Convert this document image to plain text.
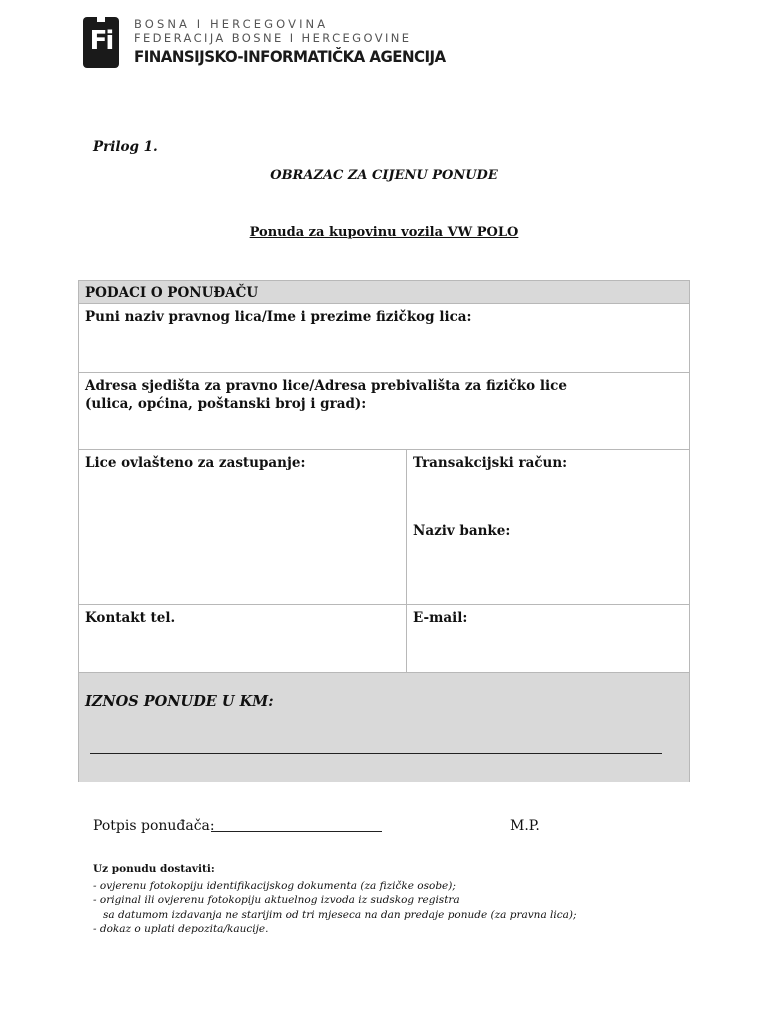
Fi
BOSNA I HERCEGOVINA
FEDERACIJA BOSNE I HERCEGOVINE
FINANSIJSKO-INFORMATIČKA AGENCIJA
Prilog 1.
OBRAZAC ZA CIJENU PONUDE
Ponuda za kupovinu vozila VW POLO
PODACI O PONUĐAČU
Puni naziv pravnog lica/Ime i prezime fizičkog lica:
Adresa sjedišta za pravno lice/Adresa prebivališta za fizičko lice
(ulica, općina, poštanski broj i grad):
Lice ovlašteno za zastupanje:	Transakcijski račun:
Naziv banke:
Kontakt tel.	E-mail:
IZNOS PONUDE U KM:
Potpis ponuđača:	M.P.
Uz ponudu dostaviti:
- ovjerenu fotokopiju identifikacijskog dokumenta (za fizičke osobe);
- original ili ovjerenu fotokopiju aktuelnog izvoda iz sudskog registra
sa datumom izdavanja ne starijim od tri mjeseca na dan predaje ponude (za pravna lica);
- dokaz o uplati depozita/kaucije.
